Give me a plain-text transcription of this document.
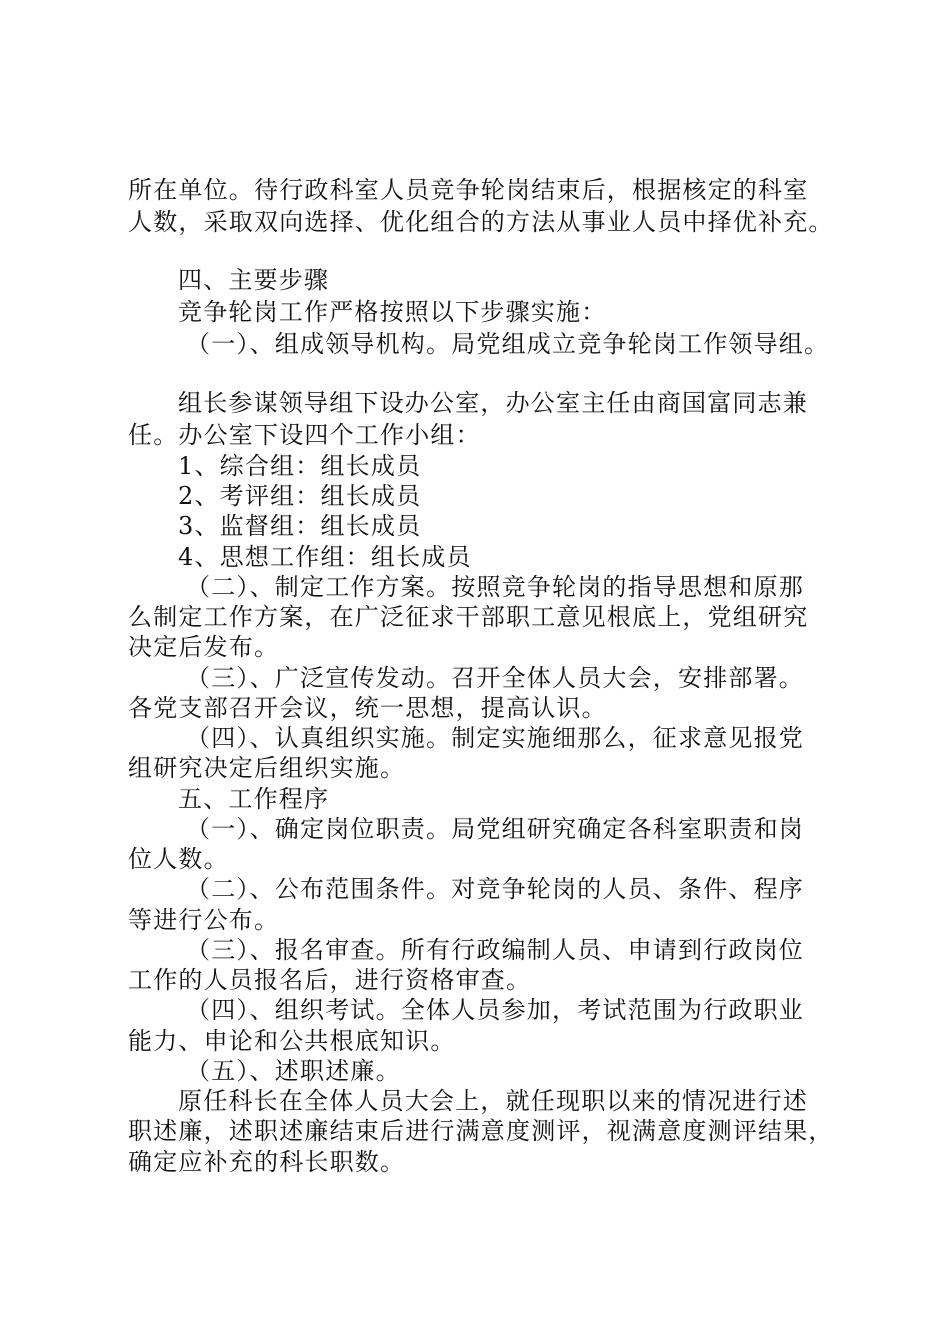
所在单位。待行政科室人员竞争轮岗结束后，根据核定的科室
人数，采取双向选择、优化组合的方法从事业人员中择优补充。
四、主要步骤
竞争轮岗工作严格按照以下步骤实施：
（一）、组成领导机构。局党组成立竞争轮岗工作领导组。
组长参谋领导组下设办公室，办公室主任由商国富同志兼
任。办公室下设四个工作小组：
1、综合组：组长成员
2、考评组：组长成员
3、监督组：组长成员
4、思想工作组：组长成员
（二）、制定工作方案。按照竞争轮岗的指导思想和原那
么制定工作方案，在广泛征求干部职工意见根底上，党组研究
决定后发布。
（三）、广泛宣传发动。召开全体人员大会，安排部署。
各党支部召开会议，统一思想，提高认识。
（四）、认真组织实施。制定实施细那么，征求意见报党
组研究决定后组织实施。
五、工作程序
（一）、确定岗位职责。局党组研究确定各科室职责和岗
位人数。
（二）、公布范围条件。对竞争轮岗的人员、条件、程序
等进行公布。
（三）、报名审查。所有行政编制人员、申请到行政岗位
工作的人员报名后，进行资格审查。
（四）、组织考试。全体人员参加，考试范围为行政职业
能力、申论和公共根底知识。
（五）、述职述廉。
原任科长在全体人员大会上，就任现职以来的情况进行述
职述廉，述职述廉结束后进行满意度测评，视满意度测评结果，
确定应补充的科长职数。
